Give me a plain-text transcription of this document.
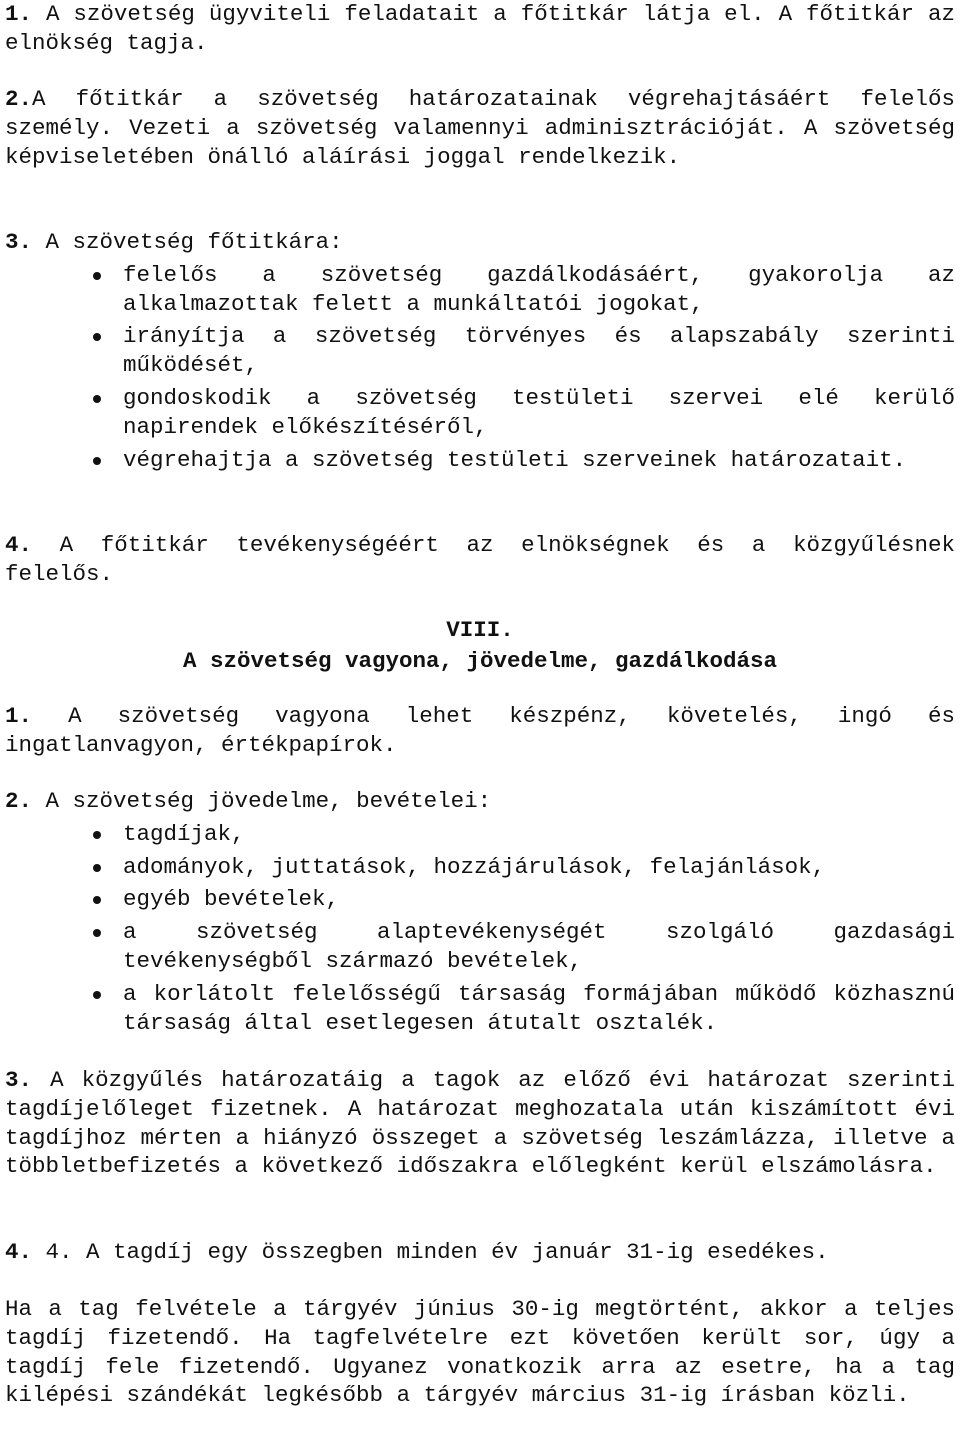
1. A szövetség ügyviteli feladatait a főtitkár látja el. A főtitkár az elnökség tagja.

2.A főtitkár a szövetség határozatainak végrehajtásáért felelős személy. Vezeti a szövetség valamennyi adminisztrációját. A szövetség képviseletében önálló aláírási joggal rendelkezik.

3. A szövetség főtitkára:

felelős a szövetség gazdálkodásáért, gyakorolja az alkalmazottak felett a munkáltatói jogokat,
irányítja a szövetség törvényes és alapszabály szerinti működését,
gondoskodik a szövetség testületi szervei elé kerülő napirendek előkészítéséről,
végrehajtja a szövetség testületi szerveinek határozatait.

4. A főtitkár tevékenységéért az elnökségnek és a közgyűlésnek felelős.

VIII.

A szövetség vagyona, jövedelme, gazdálkodása

1. A szövetség vagyona lehet készpénz, követelés, ingó és ingatlanvagyon, értékpapírok.

2. A szövetség jövedelme, bevételei:

tagdíjak,
adományok, juttatások, hozzájárulások, felajánlások,
egyéb bevételek,
a szövetség alaptevékenységét szolgáló gazdasági tevékenységből származó bevételek,
a korlátolt felelősségű társaság formájában működő közhasznú társaság által esetlegesen átutalt osztalék.

3. A közgyűlés határozatáig a tagok az előző évi határozat szerinti tagdíjelőleget fizetnek. A határozat meghozatala után kiszámított évi tagdíjhoz mérten a hiányzó összeget a szövetség leszámlázza, illetve a többletbefizetés a következő időszakra előlegként kerül elszámolásra.

4. 4. A tagdíj egy összegben minden év január 31-ig esedékes.

Ha a tag felvétele a tárgyév június 30-ig megtörtént, akkor a teljes tagdíj fizetendő. Ha tagfelvételre ezt követően került sor, úgy a tagdíj fele fizetendő. Ugyanez vonatkozik arra az esetre, ha a tag kilépési szándékát legkésőbb a tárgyév március 31-ig írásban közli.
